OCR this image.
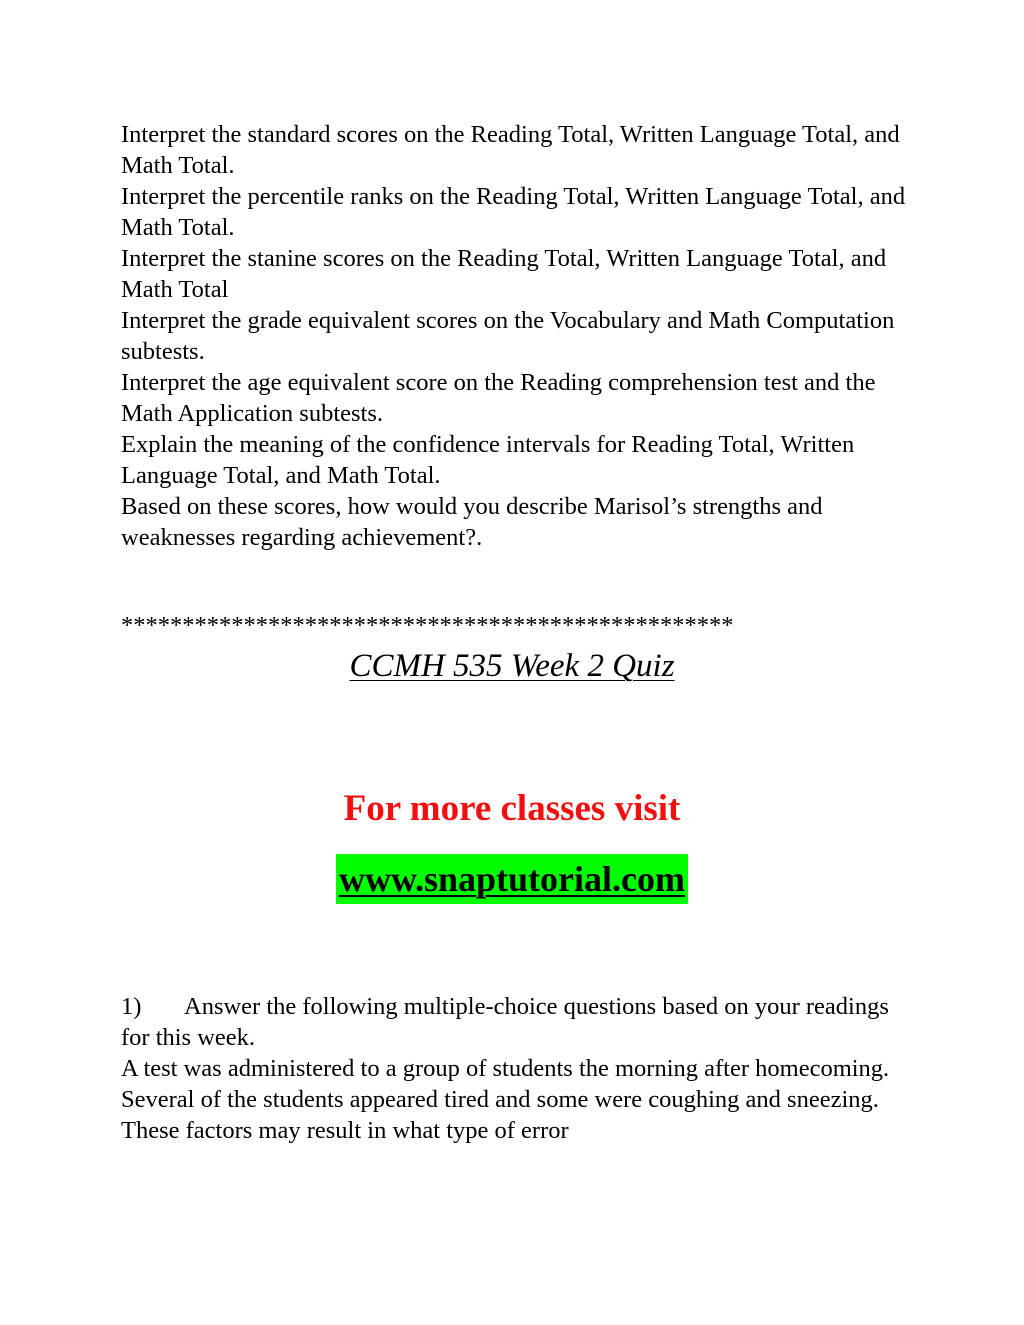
Interpret the standard scores on the Reading Total, Written Language Total, and Math Total.

Interpret the percentile ranks on the Reading Total, Written Language Total, and Math Total.

Interpret the stanine scores on the Reading Total, Written Language Total, and Math Total

Interpret the grade equivalent scores on the Vocabulary and Math Computation subtests.

Interpret the age equivalent score on the Reading comprehension test and the Math Application subtests.

Explain the meaning of the confidence intervals for Reading Total, Written Language Total, and Math Total.

Based on these scores, how would you describe Marisol’s strengths and weaknesses regarding achievement?.

**************************************************

CCMH 535 Week 2 Quiz

For more classes visit

www.snaptutorial.com

1) Answer the following multiple-choice questions based on your readings for this week.

A test was administered to a group of students the morning after homecoming. Several of the students appeared tired and some were coughing and sneezing. These factors may result in what type of error
